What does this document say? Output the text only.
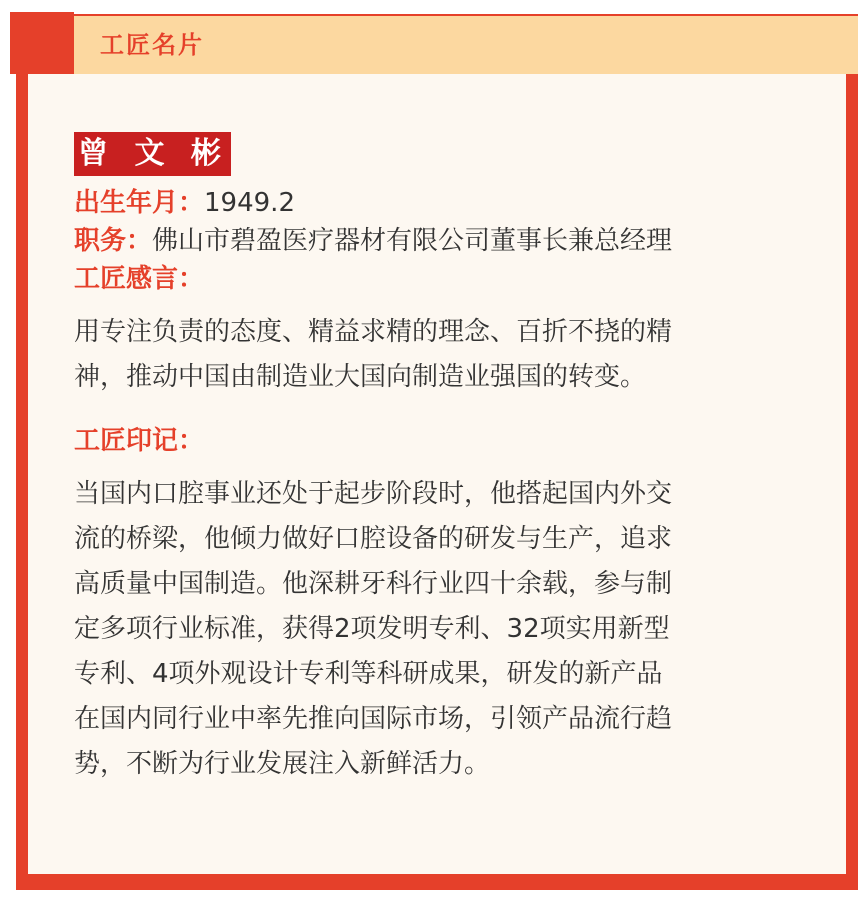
工匠名片
曾 文 彬
出生年月：1949.2
职务：佛山市碧盈医疗器材有限公司董事长兼总经理
工匠感言：

用专注负责的态度、精益求精的理念、百折不挠的精
神，推动中国由制造业大国向制造业强国的转变。

工匠印记：

当国内口腔事业还处于起步阶段时，他搭起国内外交
流的桥梁，他倾力做好口腔设备的研发与生产，追求
高质量中国制造。他深耕牙科行业四十余载，参与制
定多项行业标准，获得2项发明专利、32项实用新型
专利、4项外观设计专利等科研成果，研发的新产品
在国内同行业中率先推向国际市场，引领产品流行趋
势，不断为行业发展注入新鲜活力。
